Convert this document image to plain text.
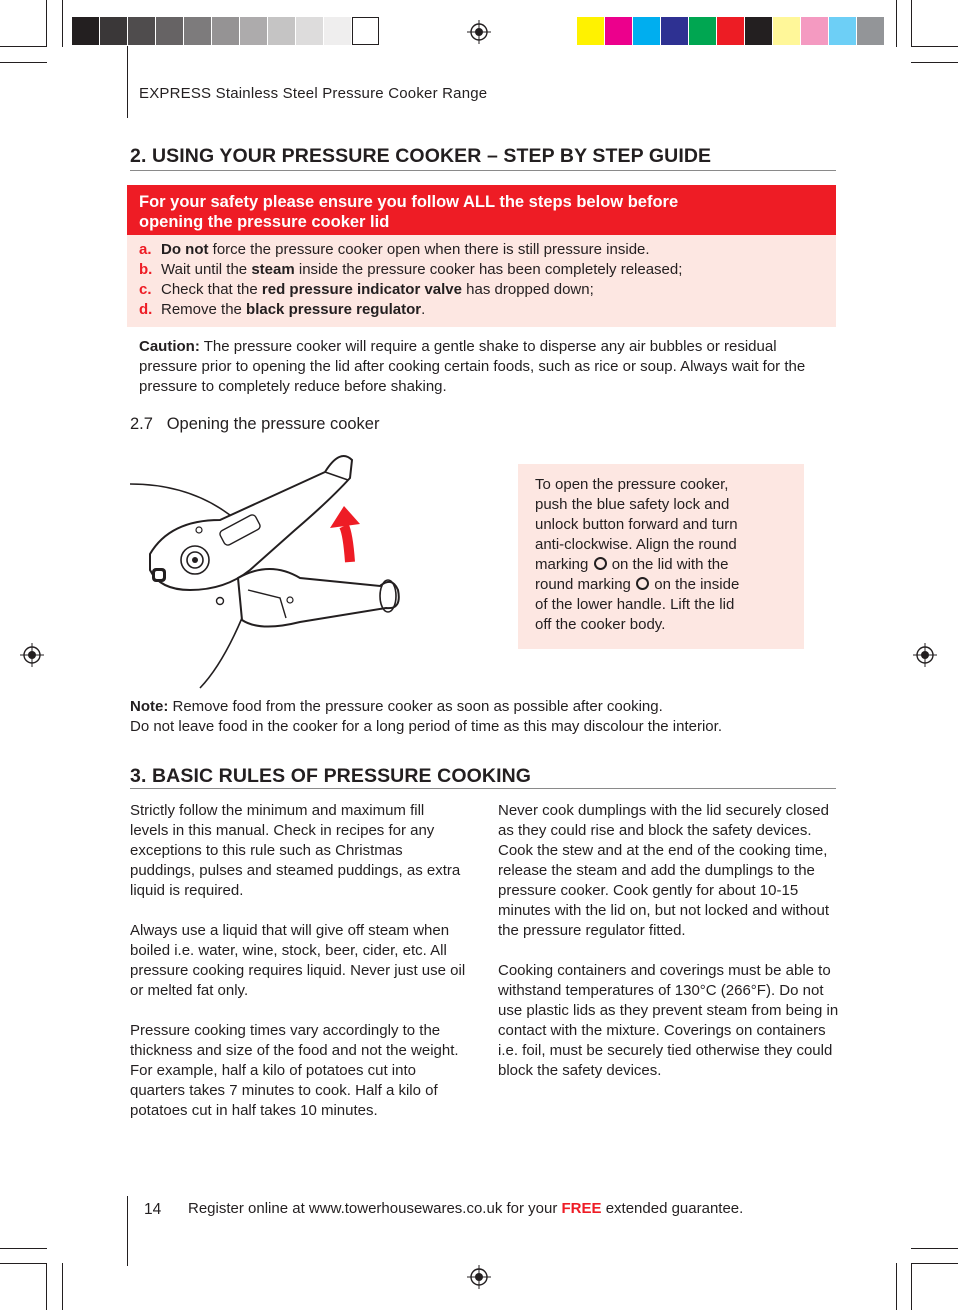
EXPRESS Stainless Steel Pressure Cooker Range
2. USING YOUR PRESSURE COOKER – STEP BY STEP GUIDE
For your safety please ensure you follow ALL the steps below before
opening the pressure cooker lid
a. Do not force the pressure cooker open when there is still pressure inside.
b. Wait until the steam inside the pressure cooker has been completely released;
c. Check that the red pressure indicator valve has dropped down;
d. Remove the black pressure regulator.
Caution: The pressure cooker will require a gentle shake to disperse any air bubbles or residual pressure prior to opening the lid after cooking certain foods, such as rice or soup. Always wait for the pressure to completely reduce before shaking.
2.7   Opening the pressure cooker
To open the pressure cooker,
push the blue safety lock and
unlock button forward and turn
anti-clockwise. Align the round
marking  on the lid with the
round marking  on the inside
of the lower handle. Lift the lid
off the cooker body.
Note: Remove food from the pressure cooker as soon as possible after cooking.
Do not leave food in the cooker for a long period of time as this may discolour the interior.
3. BASIC RULES OF PRESSURE COOKING

Strictly follow the minimum and maximum fill levels in this manual. Check in recipes for any exceptions to this rule such as Christmas puddings, pulses and steamed puddings, as extra liquid is required.

Always use a liquid that will give off steam when boiled i.e. water, wine, stock, beer, cider, etc. All pressure cooking requires liquid. Never just use oil or melted fat only.

Pressure cooking times vary accordingly to the thickness and size of the food and not the weight. For example, half a kilo of potatoes cut into quarters takes 7 minutes to cook. Half a kilo of potatoes cut in half takes 10 minutes.

Never cook dumplings with the lid securely closed as they could rise and block the safety devices. Cook the stew and at the end of the cooking time, release the steam and add the dumplings to the pressure cooker. Cook gently for about 10-15 minutes with the lid on, but not locked and without the pressure regulator fitted.

Cooking containers and coverings must be able to withstand temperatures of 130°C (266°F). Do not use plastic lids as they prevent steam from being in contact with the mixture. Coverings on containers i.e. foil, must be securely tied otherwise they could block the safety devices.

14 Register online at www.towerhousewares.co.uk for your FREE extended guarantee.
